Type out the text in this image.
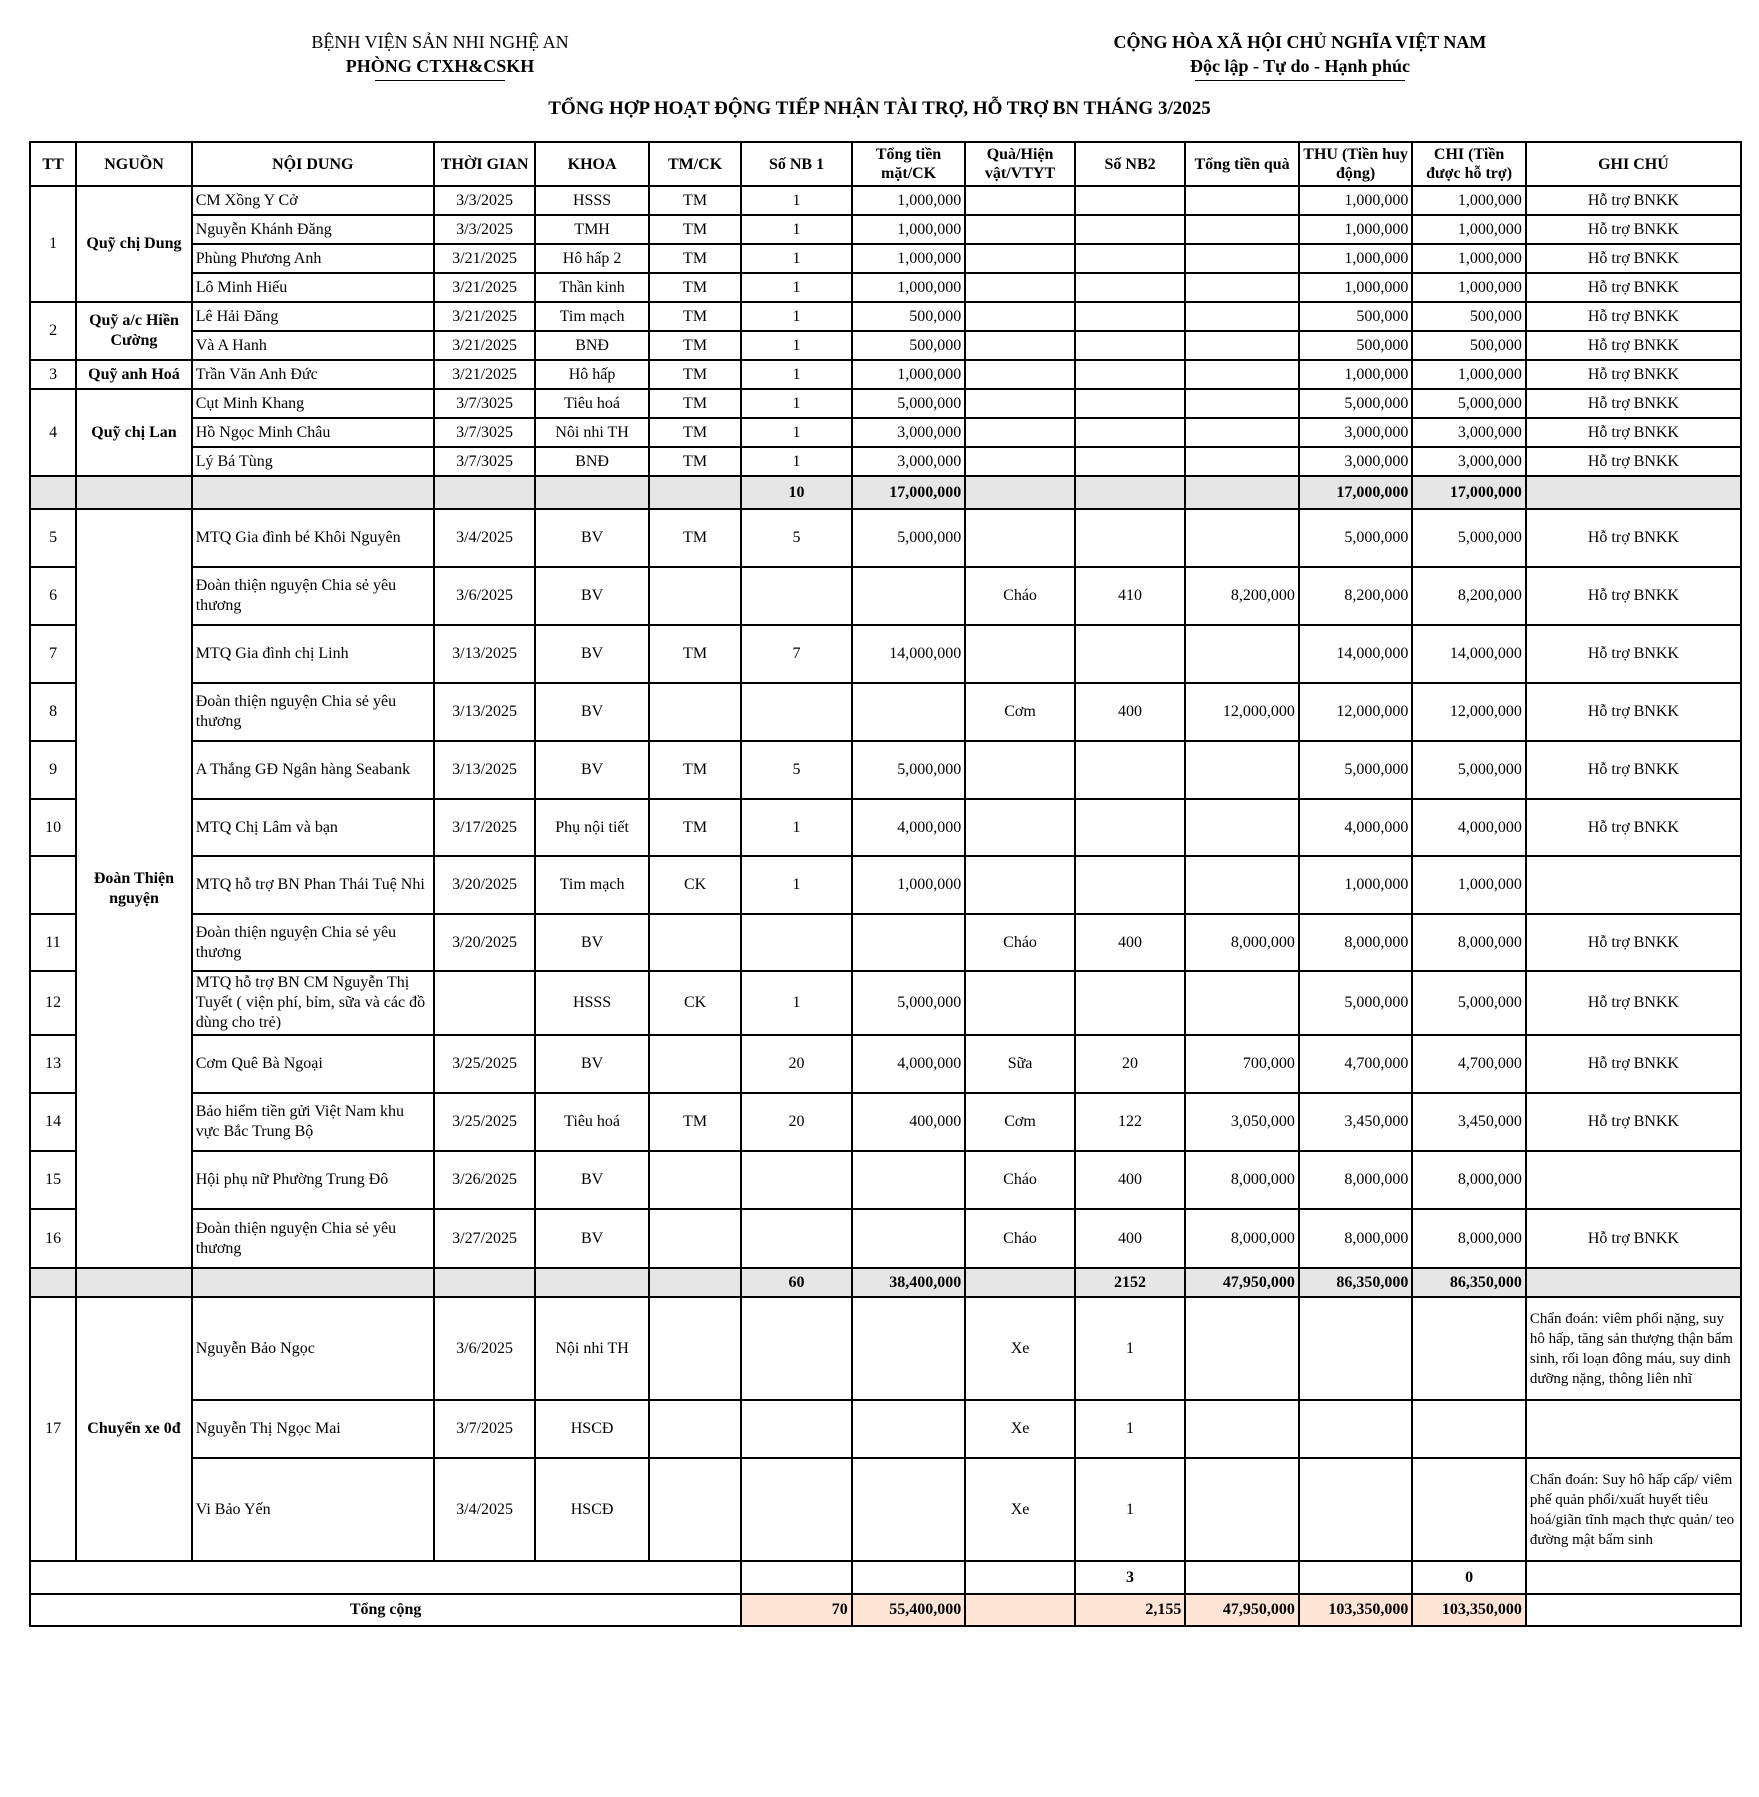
BỆNH VIỆN SẢN NHI NGHỆ AN
PHÒNG CTXH&CSKH
CỘNG HÒA XÃ HỘI CHỦ NGHĨA VIỆT NAM
Độc lập - Tự do - Hạnh phúc
TỔNG HỢP HOẠT ĐỘNG TIẾP NHẬN TÀI TRỢ, HỖ TRỢ BN THÁNG 3/2025
TT	NGUỒN	NỘI DUNG	THỜI GIAN	KHOA	TM/CK	Số NB 1	Tổng tiền mặt/CK	Quà/Hiện vật/VTYT	Số NB2	Tổng tiền quà	THU (Tiền huy động)	CHI (Tiền được hỗ trợ)	GHI CHÚ
1	Quỹ chị Dung	CM Xồng Y Cở	3/3/2025	HSSS	TM	1	1,000,000				1,000,000	1,000,000	Hỗ trợ BNKK
		Nguyễn Khánh Đăng	3/3/2025	TMH	TM	1	1,000,000				1,000,000	1,000,000	Hỗ trợ BNKK
		Phùng Phương Anh	3/21/2025	Hô hấp 2	TM	1	1,000,000				1,000,000	1,000,000	Hỗ trợ BNKK
		Lô Minh Hiếu	3/21/2025	Thần kinh	TM	1	1,000,000				1,000,000	1,000,000	Hỗ trợ BNKK
2	Quỹ a/c Hiền Cường	Lê Hải Đăng	3/21/2025	Tim mạch	TM	1	500,000				500,000	500,000	Hỗ trợ BNKK
		Và A Hanh	3/21/2025	BNĐ	TM	1	500,000				500,000	500,000	Hỗ trợ BNKK
3	Quỹ anh Hoá	Trần Văn Anh Đức	3/21/2025	Hô hấp	TM	1	1,000,000				1,000,000	1,000,000	Hỗ trợ BNKK
4	Quỹ chị Lan	Cụt Minh Khang	3/7/3025	Tiêu hoá	TM	1	5,000,000				5,000,000	5,000,000	Hỗ trợ BNKK
		Hồ Ngọc Minh Châu	3/7/3025	Nôi nhi TH	TM	1	3,000,000				3,000,000	3,000,000	Hỗ trợ BNKK
		Lý Bá Tùng	3/7/3025	BNĐ	TM	1	3,000,000				3,000,000	3,000,000	Hỗ trợ BNKK
						10	17,000,000				17,000,000	17,000,000	
5	Đoàn Thiện nguyện	MTQ Gia đình bé Khôi Nguyên	3/4/2025	BV	TM	5	5,000,000				5,000,000	5,000,000	Hỗ trợ BNKK
6		Đoàn thiện nguyện Chia sẻ yêu thương	3/6/2025	BV				Cháo	410	8,200,000	8,200,000	8,200,000	Hỗ trợ BNKK
7		MTQ Gia đình chị Linh	3/13/2025	BV	TM	7	14,000,000				14,000,000	14,000,000	Hỗ trợ BNKK
8		Đoàn thiện nguyện Chia sẻ yêu thương	3/13/2025	BV				Cơm	400	12,000,000	12,000,000	12,000,000	Hỗ trợ BNKK
9		A Thắng GĐ Ngân hàng Seabank	3/13/2025	BV	TM	5	5,000,000				5,000,000	5,000,000	Hỗ trợ BNKK
10		MTQ Chị Lâm và bạn	3/17/2025	Phụ nội tiết	TM	1	4,000,000				4,000,000	4,000,000	Hỗ trợ BNKK
		MTQ hỗ trợ BN Phan Thái Tuệ Nhi	3/20/2025	Tim mạch	CK	1	1,000,000				1,000,000	1,000,000	
11		Đoàn thiện nguyện Chia sẻ yêu thương	3/20/2025	BV				Cháo	400	8,000,000	8,000,000	8,000,000	Hỗ trợ BNKK
12		MTQ hỗ trợ BN CM Nguyễn Thị Tuyết ( viện phí, bỉm, sữa và các đồ dùng cho trẻ)		HSSS	CK	1	5,000,000				5,000,000	5,000,000	Hỗ trợ BNKK
13		Cơm Quê Bà Ngoại	3/25/2025	BV		20	4,000,000	Sữa	20	700,000	4,700,000	4,700,000	Hỗ trợ BNKK
14		Bảo hiểm tiền gửi Việt Nam khu vực Bắc Trung Bộ	3/25/2025	Tiêu hoá	TM	20	400,000	Cơm	122	3,050,000	3,450,000	3,450,000	Hỗ trợ BNKK
15		Hội phụ nữ Phường Trung Đô	3/26/2025	BV				Cháo	400	8,000,000	8,000,000	8,000,000	
16		Đoàn thiện nguyện Chia sẻ yêu thương	3/27/2025	BV				Cháo	400	8,000,000	8,000,000	8,000,000	Hỗ trợ BNKK
						60	38,400,000		2152	47,950,000	86,350,000	86,350,000	
17	Chuyển xe 0đ	Nguyễn Bảo Ngọc	3/6/2025	Nội nhi TH				Xe	1				Chẩn đoán: viêm phổi nặng, suy hô hấp, tăng sản thượng thận bẩm sinh, rối loạn đông máu, suy dinh dưỡng nặng, thông liên nhĩ
		Nguyễn Thị Ngọc Mai	3/7/2025	HSCĐ				Xe	1				
		Vi Bảo Yến	3/4/2025	HSCĐ				Xe	1				Chẩn đoán: Suy hô hấp cấp/ viêm phế quản phổi/xuất huyết tiêu hoá/giãn tĩnh mạch thực quản/ teo đường mật bẩm sinh
									3			0	
Tổng cộng						70	55,400,000		2,155	47,950,000	103,350,000	103,350,000	
